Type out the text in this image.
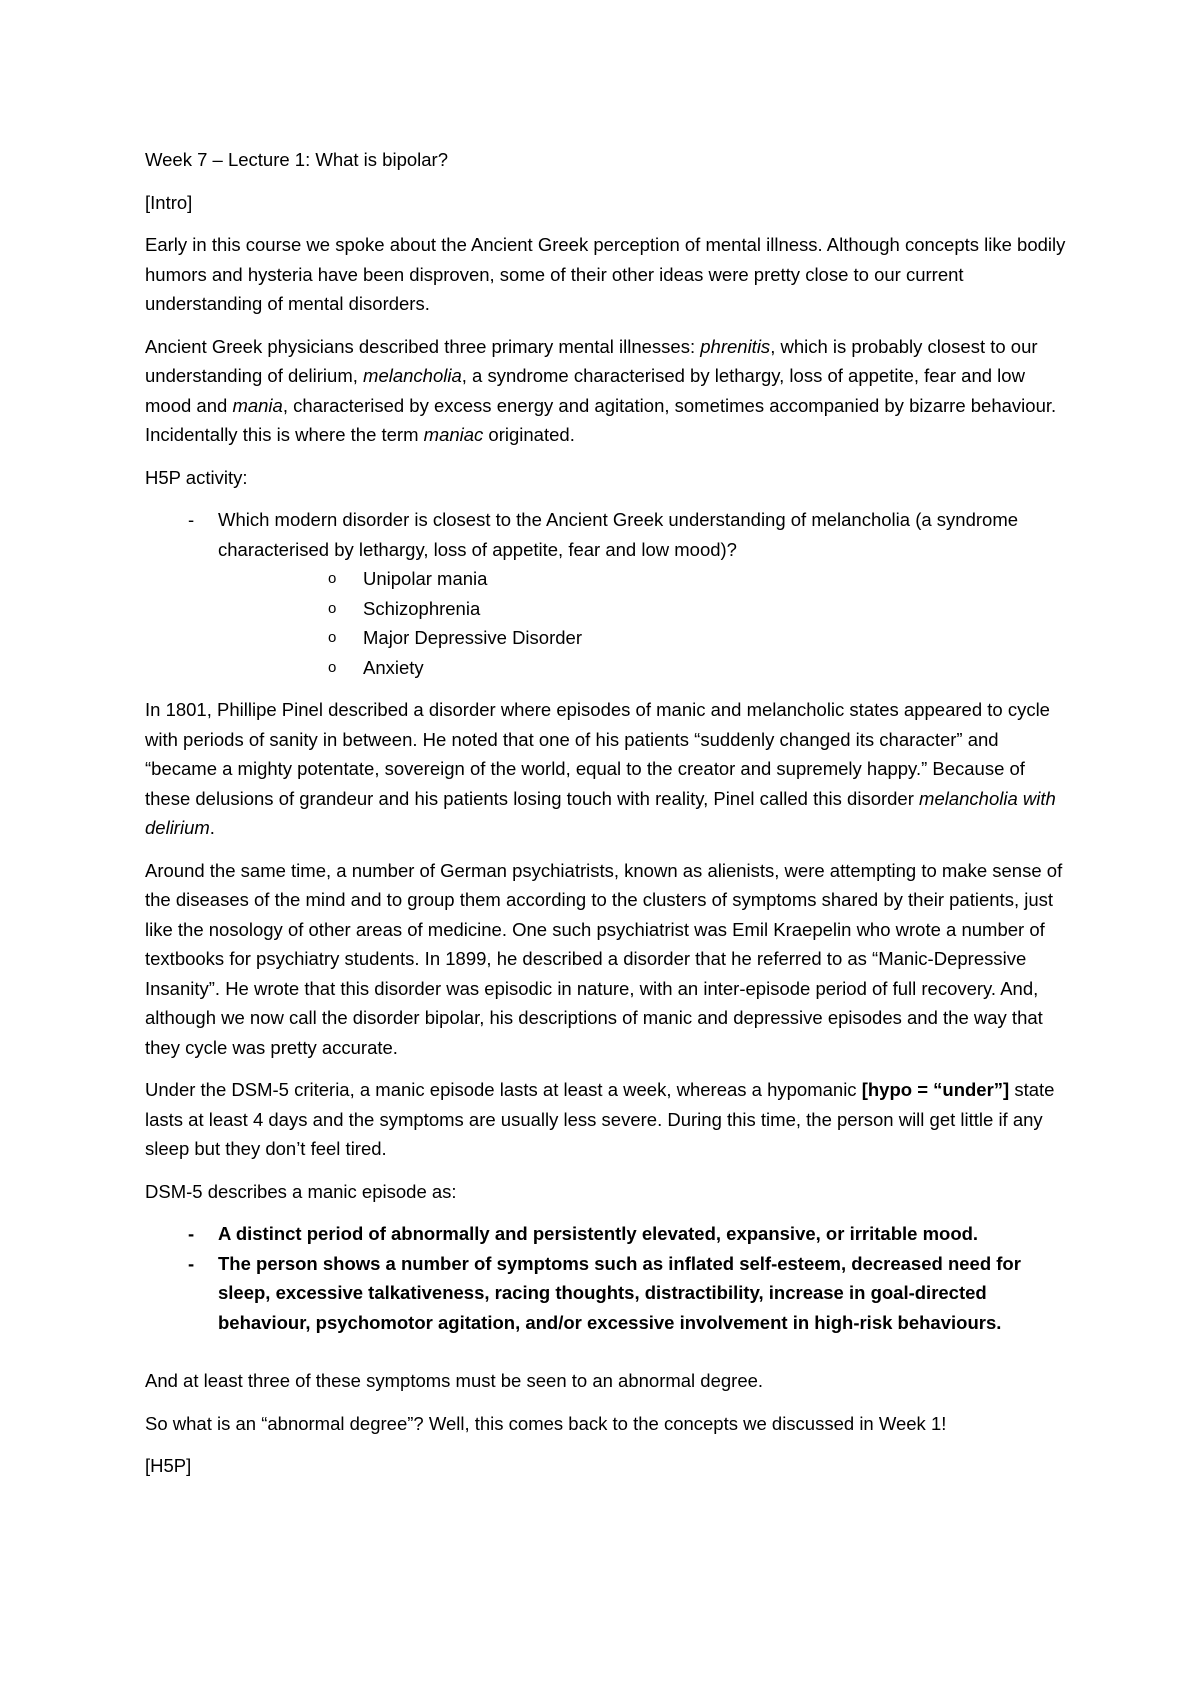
Week 7 – Lecture 1: What is bipolar?

[Intro]

Early in this course we spoke about the Ancient Greek perception of mental illness. Although concepts like bodily humors and hysteria have been disproven, some of their other ideas were pretty close to our current understanding of mental disorders.

Ancient Greek physicians described three primary mental illnesses: phrenitis, which is probably closest to our understanding of delirium, melancholia, a syndrome characterised by lethargy, loss of appetite, fear and low mood and mania, characterised by excess energy and agitation, sometimes accompanied by bizarre behaviour. Incidentally this is where the term maniac originated.

H5P activity:

- Which modern disorder is closest to the Ancient Greek understanding of melancholia (a syndrome characterised by lethargy, loss of appetite, fear and low mood)?
o Unipolar mania
o Schizophrenia
o Major Depressive Disorder
o Anxiety

In 1801, Phillipe Pinel described a disorder where episodes of manic and melancholic states appeared to cycle with periods of sanity in between. He noted that one of his patients “suddenly changed its character” and “became a mighty potentate, sovereign of the world, equal to the creator and supremely happy.” Because of these delusions of grandeur and his patients losing touch with reality, Pinel called this disorder melancholia with delirium.

Around the same time, a number of German psychiatrists, known as alienists, were attempting to make sense of the diseases of the mind and to group them according to the clusters of symptoms shared by their patients, just like the nosology of other areas of medicine. One such psychiatrist was Emil Kraepelin who wrote a number of textbooks for psychiatry students. In 1899, he described a disorder that he referred to as “Manic-Depressive Insanity”. He wrote that this disorder was episodic in nature, with an inter-episode period of full recovery. And, although we now call the disorder bipolar, his descriptions of manic and depressive episodes and the way that they cycle was pretty accurate.

Under the DSM-5 criteria, a manic episode lasts at least a week, whereas a hypomanic [hypo = “under”] state lasts at least 4 days and the symptoms are usually less severe. During this time, the person will get little if any sleep but they don’t feel tired.

DSM-5 describes a manic episode as:

- A distinct period of abnormally and persistently elevated, expansive, or irritable mood.
- The person shows a number of symptoms such as inflated self-esteem, decreased need for sleep, excessive talkativeness, racing thoughts, distractibility, increase in goal-directed behaviour, psychomotor agitation, and/or excessive involvement in high-risk behaviours.

And at least three of these symptoms must be seen to an abnormal degree.

So what is an “abnormal degree”? Well, this comes back to the concepts we discussed in Week 1!

[H5P]
